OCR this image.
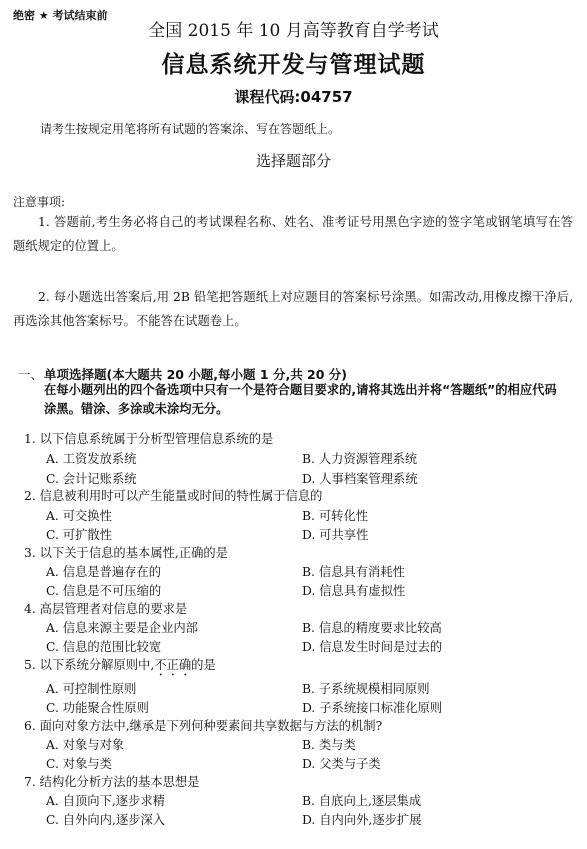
绝密 ★ 考试结束前
全国 2015 年 10 月高等教育自学考试
信息系统开发与管理试题
课程代码:04757
请考生按规定用笔将所有试题的答案涂、写在答题纸上。
选择题部分
注意事项:
1. 答题前,考生务必将自己的考试课程名称、姓名、准考证号用黑色字迹的签字笔或钢笔填写在答题纸规定的位置上。
2. 每小题选出答案后,用 2B 铅笔把答题纸上对应题目的答案标号涂黑。如需改动,用橡皮擦干净后,再选涂其他答案标号。不能答在试题卷上。
一、单项选择题(本大题共 20 小题,每小题 1 分,共 20 分)
在每小题列出的四个备选项中只有一个是符合题目要求的,请将其选出并将“答题纸”的相应代码涂黑。错涂、多涂或未涂均无分。
1. 以下信息系统属于分析型管理信息系统的是
A. 工资发放系统	B. 人力资源管理系统
C. 会计记账系统	D. 人事档案管理系统
2. 信息被利用时可以产生能量或时间的特性属于信息的
A. 可交换性	B. 可转化性
C. 可扩散性	D. 可共享性
3. 以下关于信息的基本属性,正确的是
A. 信息是普遍存在的	B. 信息具有消耗性
C. 信息是不可压缩的	D. 信息具有虚拟性
4. 高层管理者对信息的要求是
A. 信息来源主要是企业内部	B. 信息的精度要求比较高
C. 信息的范围比较宽	D. 信息发生时间是过去的
5. 以下系统分解原则中,不正确的是
A. 可控制性原则	B. 子系统规模相同原则
C. 功能聚合性原则	D. 子系统接口标准化原则
6. 面向对象方法中,继承是下列何种要素间共享数据与方法的机制?
A. 对象与对象	B. 类与类
C. 对象与类	D. 父类与子类
7. 结构化分析方法的基本思想是
A. 自顶向下,逐步求精	B. 自底向上,逐层集成
C. 自外向内,逐步深入	D. 自内向外,逐步扩展
